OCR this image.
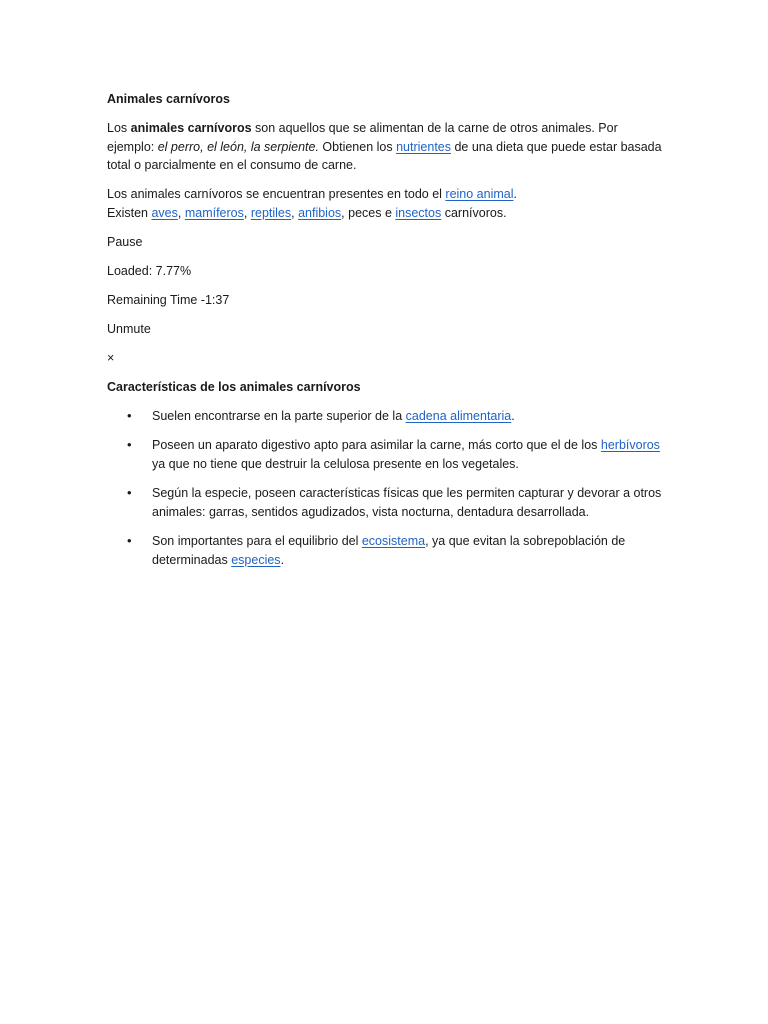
Animales carnívoros

Los animales carnívoros son aquellos que se alimentan de la carne de otros animales. Por ejemplo: el perro, el león, la serpiente. Obtienen los nutrientes de una dieta que puede estar basada total o parcialmente en el consumo de carne.

Los animales carnívoros se encuentran presentes en todo el reino animal.
Existen aves, mamíferos, reptiles, anfibios, peces e insectos carnívoros.

Pause

Loaded: 7.77%

Remaining Time -1:37

Unmute

×

Características de los animales carnívoros

• Suelen encontrarse en la parte superior de la cadena alimentaria.
• Poseen un aparato digestivo apto para asimilar la carne, más corto que el de los herbívoros ya que no tiene que destruir la celulosa presente en los vegetales.
• Según la especie, poseen características físicas que les permiten capturar y devorar a otros animales: garras, sentidos agudizados, vista nocturna, dentadura desarrollada.
• Son importantes para el equilibrio del ecosistema, ya que evitan la sobrepoblación de determinadas especies.
